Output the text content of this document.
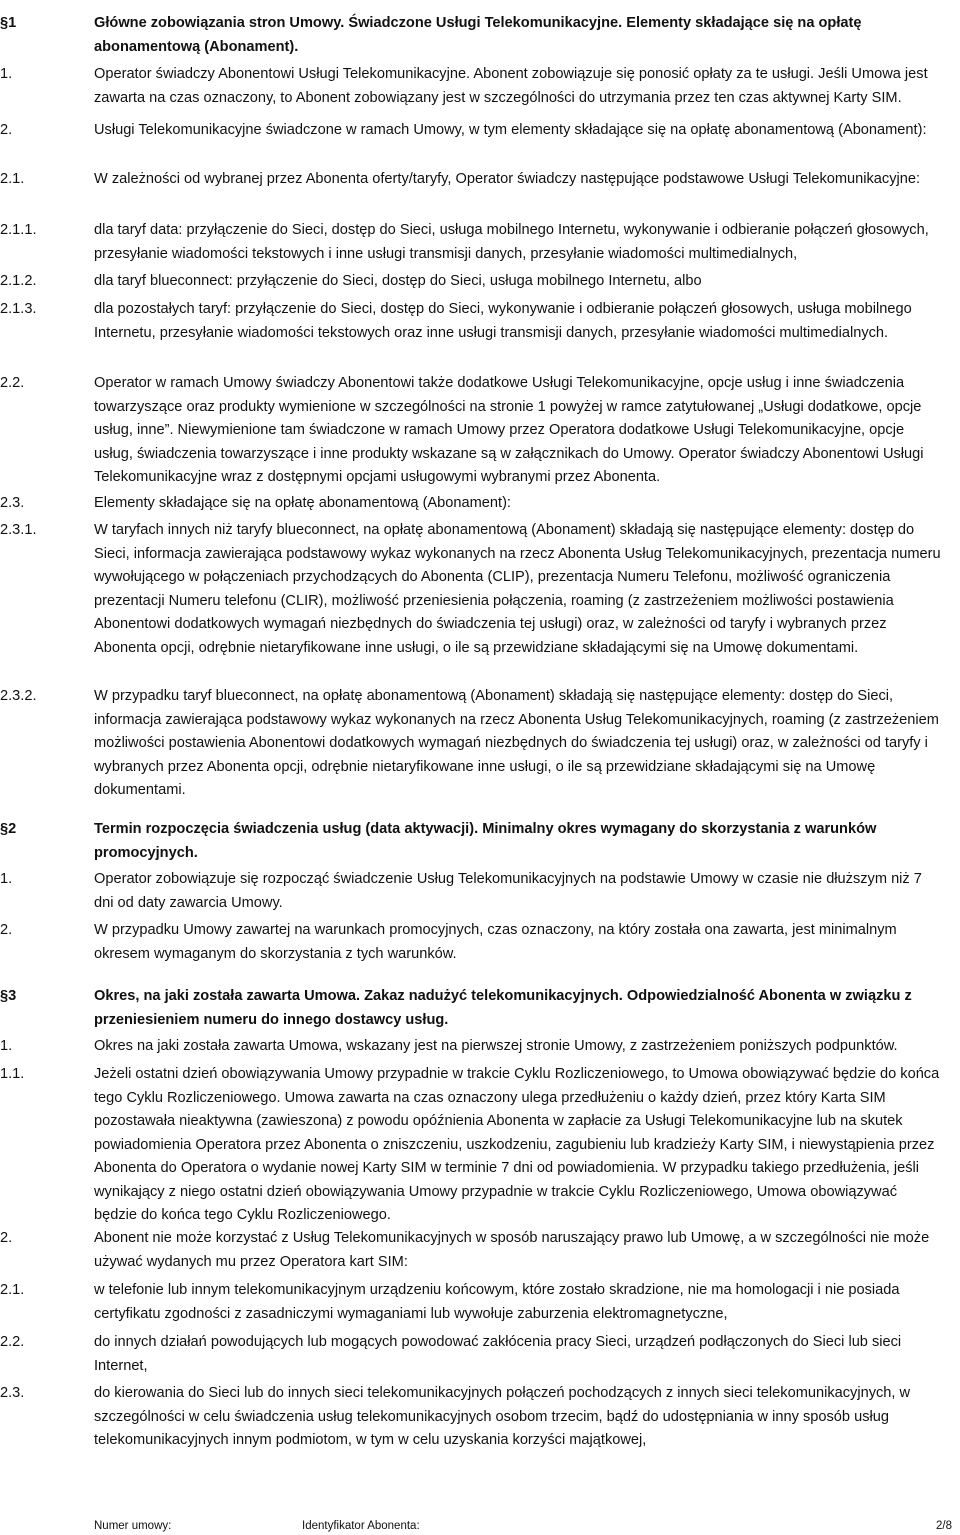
§1	Główne zobowiązania stron Umowy. Świadczone Usługi Telekomunikacyjne. Elementy składające się na opłatę abonamentową (Abonament).
1.	Operator świadczy Abonentowi Usługi Telekomunikacyjne. Abonent zobowiązuje się ponosić opłaty za te usługi. Jeśli Umowa jest zawarta na czas oznaczony, to Abonent zobowiązany jest w szczególności do utrzymania przez ten czas aktywnej Karty SIM.
2.	Usługi Telekomunikacyjne świadczone w ramach Umowy, w tym elementy składające się na opłatę abonamentową (Abonament):
2.1.	W zależności od wybranej przez Abonenta oferty/taryfy, Operator świadczy następujące podstawowe Usługi Telekomunikacyjne:
2.1.1.	dla taryf data: przyłączenie do Sieci, dostęp do Sieci, usługa mobilnego Internetu, wykonywanie i odbieranie połączeń głosowych, przesyłanie wiadomości tekstowych i inne usługi transmisji danych, przesyłanie wiadomości multimedialnych,
2.1.2.	dla taryf blueconnect: przyłączenie do Sieci, dostęp do Sieci, usługa mobilnego Internetu, albo
2.1.3.	dla pozostałych taryf: przyłączenie do Sieci, dostęp do Sieci, wykonywanie i odbieranie połączeń głosowych, usługa mobilnego Internetu, przesyłanie wiadomości tekstowych oraz inne usługi transmisji danych, przesyłanie wiadomości multimedialnych.
2.2.	Operator w ramach Umowy świadczy Abonentowi także dodatkowe Usługi Telekomunikacyjne, opcje usług i inne świadczenia towarzyszące oraz produkty wymienione w szczególności na stronie 1 powyżej w ramce zatytułowanej „Usługi dodatkowe, opcje usług, inne”. Niewymienione tam świadczone w ramach Umowy przez Operatora dodatkowe Usługi Telekomunikacyjne, opcje usług, świadczenia towarzyszące i inne produkty wskazane są w załącznikach do Umowy. Operator świadczy Abonentowi Usługi Telekomunikacyjne wraz z dostępnymi opcjami usługowymi wybranymi przez Abonenta.
2.3.	Elementy składające się na opłatę abonamentową (Abonament):
2.3.1.	W taryfach innych niż taryfy blueconnect, na opłatę abonamentową (Abonament) składają się następujące elementy: dostęp do Sieci, informacja zawierająca podstawowy wykaz wykonanych na rzecz Abonenta Usług Telekomunikacyjnych, prezentacja numeru wywołującego w połączeniach przychodzących do Abonenta (CLIP), prezentacja Numeru Telefonu, możliwość ograniczenia prezentacji Numeru telefonu (CLIR), możliwość przeniesienia połączenia, roaming (z zastrzeżeniem możliwości postawienia Abonentowi dodatkowych wymagań niezbędnych do świadczenia tej usługi) oraz, w zależności od taryfy i wybranych przez Abonenta opcji, odrębnie nietaryfikowane inne usługi, o ile są przewidziane składającymi się na Umowę dokumentami.
2.3.2.	W przypadku taryf blueconnect, na opłatę abonamentową (Abonament) składają się następujące elementy: dostęp do Sieci, informacja zawierająca podstawowy wykaz wykonanych na rzecz Abonenta Usług Telekomunikacyjnych, roaming (z zastrzeżeniem możliwości postawienia Abonentowi dodatkowych wymagań niezbędnych do świadczenia tej usługi) oraz, w zależności od taryfy i wybranych przez Abonenta opcji, odrębnie nietaryfikowane inne usługi, o ile są przewidziane składającymi się na Umowę dokumentami.
§2	Termin rozpoczęcia świadczenia usług (data aktywacji). Minimalny okres wymagany do skorzystania z warunków promocyjnych.
1.	Operator zobowiązuje się rozpocząć świadczenie Usług Telekomunikacyjnych na podstawie Umowy w czasie nie dłuższym niż 7 dni od daty zawarcia Umowy.
2.	W przypadku Umowy zawartej na warunkach promocyjnych, czas oznaczony, na który została ona zawarta, jest minimalnym okresem wymaganym do skorzystania z tych warunków.
§3	Okres, na jaki została zawarta Umowa. Zakaz nadużyć telekomunikacyjnych. Odpowiedzialność Abonenta w związku z przeniesieniem numeru do innego dostawcy usług.
1.	Okres na jaki została zawarta Umowa, wskazany jest na pierwszej stronie Umowy, z zastrzeżeniem poniższych podpunktów.
1.1.	Jeżeli ostatni dzień obowiązywania Umowy przypadnie w trakcie Cyklu Rozliczeniowego, to Umowa obowiązywać będzie do końca tego Cyklu Rozliczeniowego. Umowa zawarta na czas oznaczony ulega przedłużeniu o każdy dzień, przez który Karta SIM pozostawała nieaktywna (zawieszona) z powodu opóźnienia Abonenta w zapłacie za Usługi Telekomunikacyjne lub na skutek powiadomienia Operatora przez Abonenta o zniszczeniu, uszkodzeniu, zagubieniu lub kradzieży Karty SIM, i niewystąpienia przez Abonenta do Operatora o wydanie nowej Karty SIM w terminie 7 dni od powiadomienia. W przypadku takiego przedłużenia, jeśli wynikający z niego ostatni dzień obowiązywania Umowy przypadnie w trakcie Cyklu Rozliczeniowego, Umowa obowiązywać będzie do końca tego Cyklu Rozliczeniowego.
2.	Abonent nie może korzystać z Usług Telekomunikacyjnych w sposób naruszający prawo lub Umowę, a w szczególności nie może używać wydanych mu przez Operatora kart SIM:
2.1.	w telefonie lub innym telekomunikacyjnym urządzeniu końcowym, które zostało skradzione, nie ma homologacji i nie posiada certyfikatu zgodności z zasadniczymi wymaganiami lub wywołuje zaburzenia elektromagnetyczne,
2.2.	do innych działań powodujących lub mogących powodować zakłócenia pracy Sieci, urządzeń podłączonych do Sieci lub sieci Internet,
2.3.	do kierowania do Sieci lub do innych sieci telekomunikacyjnych połączeń pochodzących z innych sieci telekomunikacyjnych, w szczególności w celu świadczenia usług telekomunikacyjnych osobom trzecim, bądź do udostępniania w inny sposób usług telekomunikacyjnych innym podmiotom, w tym w celu uzyskania korzyści majątkowej,
Numer umowy:	Identyfikator Abonenta:	2/8
